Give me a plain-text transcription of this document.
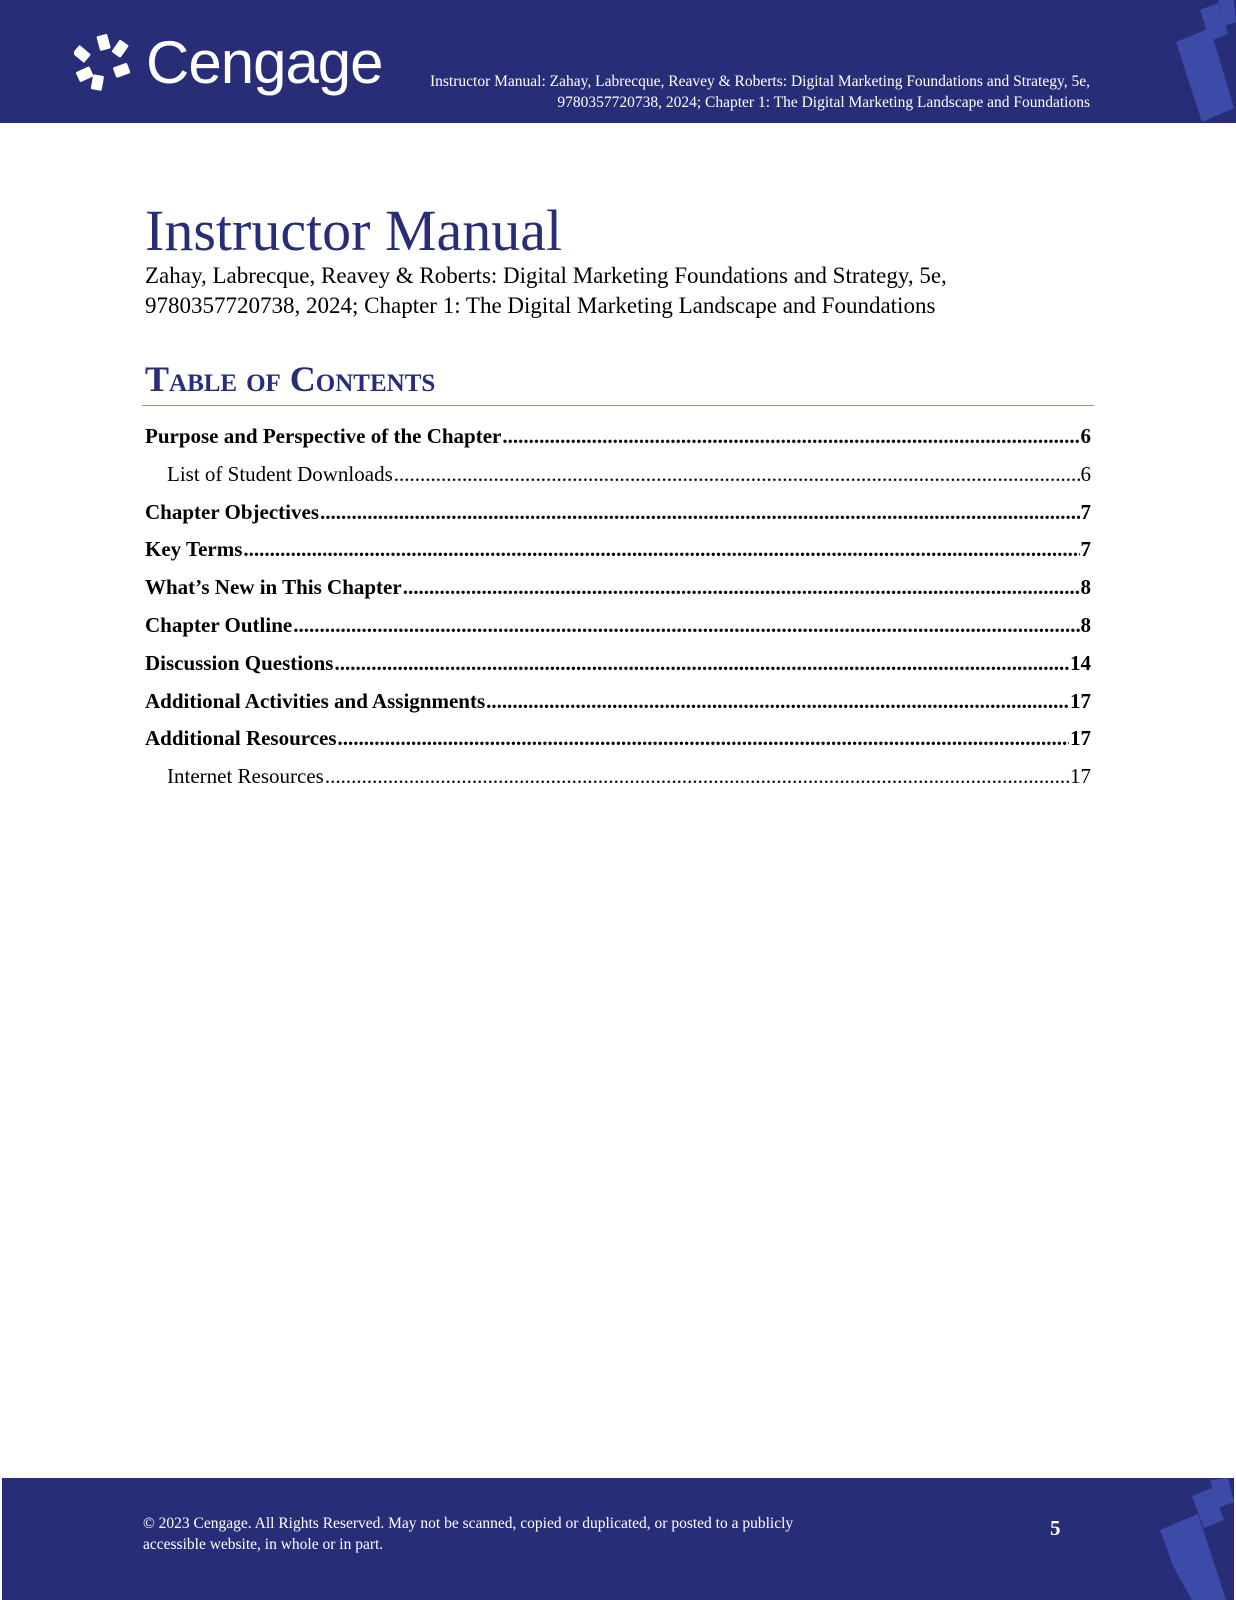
Cengage	Instructor Manual: Zahay, Labrecque, Reavey & Roberts: Digital Marketing Foundations and Strategy, 5e, 9780357720738, 2024; Chapter 1: The Digital Marketing Landscape and Foundations
Instructor Manual

Zahay, Labrecque, Reavey & Roberts: Digital Marketing Foundations and Strategy, 5e, 9780357720738, 2024; Chapter 1: The Digital Marketing Landscape and Foundations

Table of Contents
Purpose and Perspective of the Chapter .....	6
List of Student Downloads .....	6
Chapter Objectives .....	7
Key Terms .....	7
What’s New in This Chapter .....	8
Chapter Outline .....	8
Discussion Questions .....	14
Additional Activities and Assignments .....	17
Additional Resources .....	17
Internet Resources .....	17
© 2023 Cengage. All Rights Reserved. May not be scanned, copied or duplicated, or posted to a publicly accessible website, in whole or in part.
5
